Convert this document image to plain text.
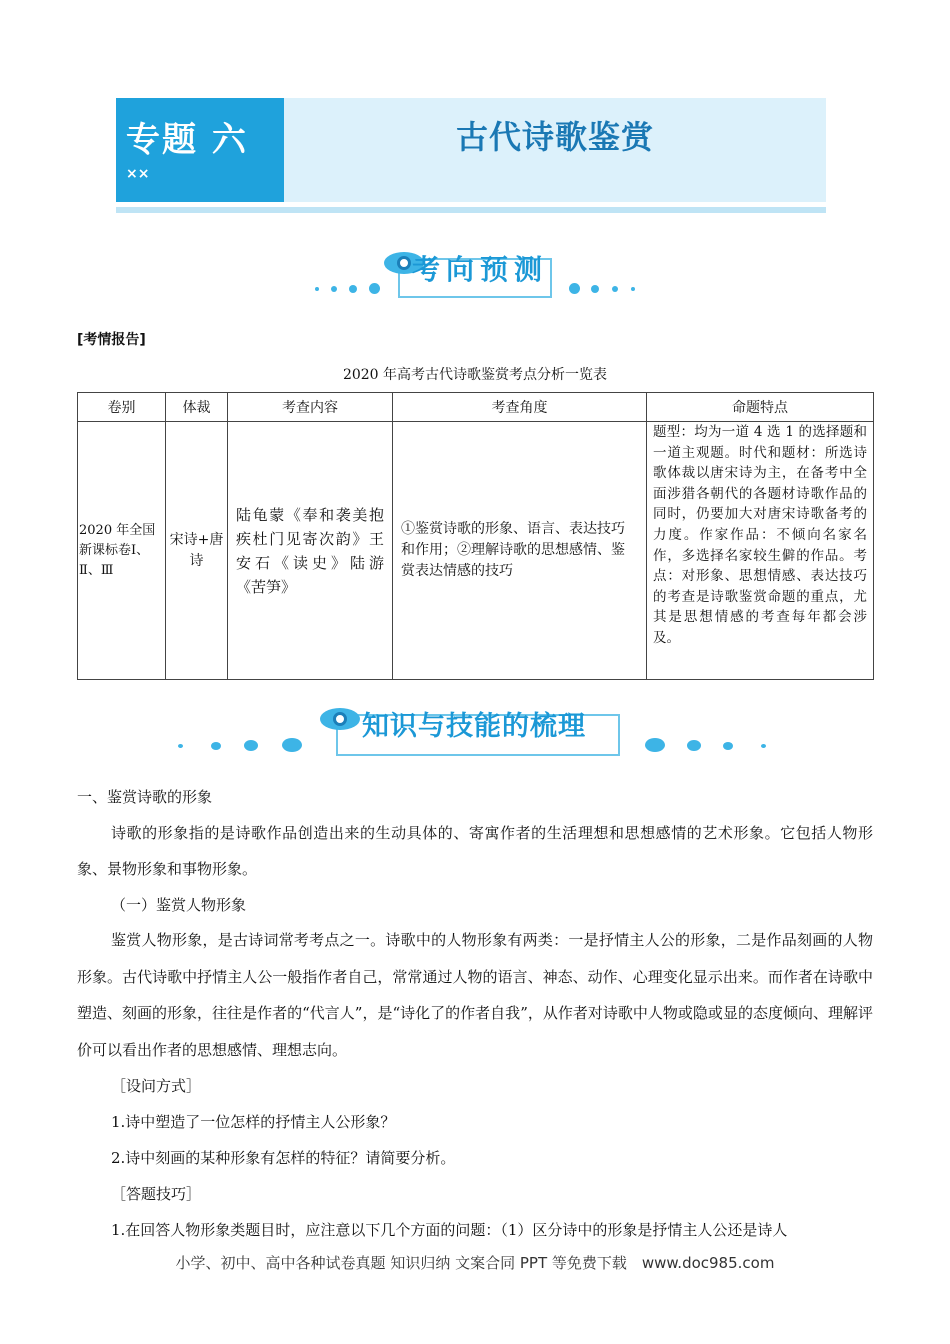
专题 六
××
古代诗歌鉴赏
考向预测
[考情报告]
2020 年高考古代诗歌鉴赏考点分析一览表
卷别	体裁	考查内容	考查角度	命题特点
2020 年全国新课标卷Ⅰ、Ⅱ、Ⅲ	宋诗+唐诗	陆龟蒙《奉和袭美抱疾杜门见寄次韵》王安石《读史》陆游《苦笋》	①鉴赏诗歌的形象、语言、表达技巧和作用；②理解诗歌的思想感情、鉴赏表达情感的技巧	题型：均为一道 4 选 1 的选择题和一道主观题。时代和题材：所选诗歌体裁以唐宋诗为主，在备考中全面涉猎各朝代的各题材诗歌作品的同时，仍要加大对唐宋诗歌备考的力度。作家作品：不倾向名家名作，多选择名家较生僻的作品。考点：对形象、思想情感、表达技巧的考查是诗歌鉴赏命题的重点，尤其是思想情感的考查每年都会涉及。
知识与技能的梳理
一、鉴赏诗歌的形象
诗歌的形象指的是诗歌作品创造出来的生动具体的、寄寓作者的生活理想和思想感情的艺术形象。它包括人物形象、景物形象和事物形象。
（一）鉴赏人物形象
鉴赏人物形象，是古诗词常考考点之一。诗歌中的人物形象有两类：一是抒情主人公的形象，二是作品刻画的人物形象。古代诗歌中抒情主人公一般指作者自己，常常通过人物的语言、神态、动作、心理变化显示出来。而作者在诗歌中塑造、刻画的形象，往往是作者的“代言人”，是“诗化了的作者自我”，从作者对诗歌中人物或隐或显的态度倾向、理解评价可以看出作者的思想感情、理想志向。
［设问方式］
1.诗中塑造了一位怎样的抒情主人公形象？
2.诗中刻画的某种形象有怎样的特征？请简要分析。
［答题技巧］
1.在回答人物形象类题目时，应注意以下几个方面的问题：（1）区分诗中的形象是抒情主人公还是诗人
小学、初中、高中各种试卷真题 知识归纳 文案合同 PPT 等免费下载　www.doc985.com
